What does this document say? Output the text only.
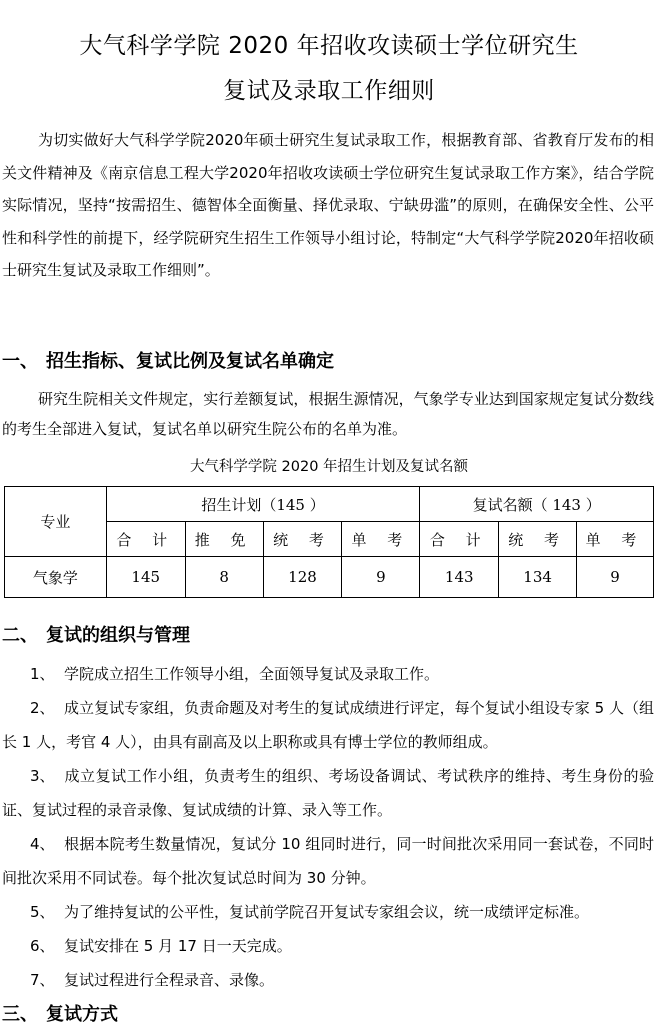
大气科学学院 2020 年招收攻读硕士学位研究生
复试及录取工作细则
为切实做好大气科学学院2020年硕士研究生复试录取工作，根据教育部、省教育厅发布的相关文件精神及《南京信息工程大学2020年招收攻读硕士学位研究生复试录取工作方案》，结合学院实际情况，坚持“按需招生、德智体全面衡量、择优录取、宁缺毋滥”的原则，在确保安全性、公平性和科学性的前提下，经学院研究生招生工作领导小组讨论，特制定“大气科学学院2020年招收硕士研究生复试及录取工作细则”。
一、 招生指标、复试比例及复试名单确定
研究生院相关文件规定，实行差额复试，根据生源情况，气象学专业达到国家规定复试分数线的考生全部进入复试，复试名单以研究生院公布的名单为准。
大气科学学院 2020 年招生计划及复试名额
专业	招生计划（145 ）				复试名额（ 143 ）		
	合 计	推 免	统 考	单 考	合 计	统 考	单 考
气象学	145	8	128	9	143	134	9
二、 复试的组织与管理
1、 学院成立招生工作领导小组，全面领导复试及录取工作。
2、 成立复试专家组，负责命题及对考生的复试成绩进行评定，每个复试小组设专家 5 人（组长 1 人，考官 4 人），由具有副高及以上职称或具有博士学位的教师组成。
3、 成立复试工作小组，负责考生的组织、考场设备调试、考试秩序的维持、考生身份的验证、复试过程的录音录像、复试成绩的计算、录入等工作。
4、 根据本院考生数量情况，复试分 10 组同时进行，同一时间批次采用同一套试卷，不同时间批次采用不同试卷。每个批次复试总时间为 30 分钟。
5、 为了维持复试的公平性，复试前学院召开复试专家组会议，统一成绩评定标准。
6、 复试安排在 5 月 17 日一天完成。
7、 复试过程进行全程录音、录像。
三、 复试方式
